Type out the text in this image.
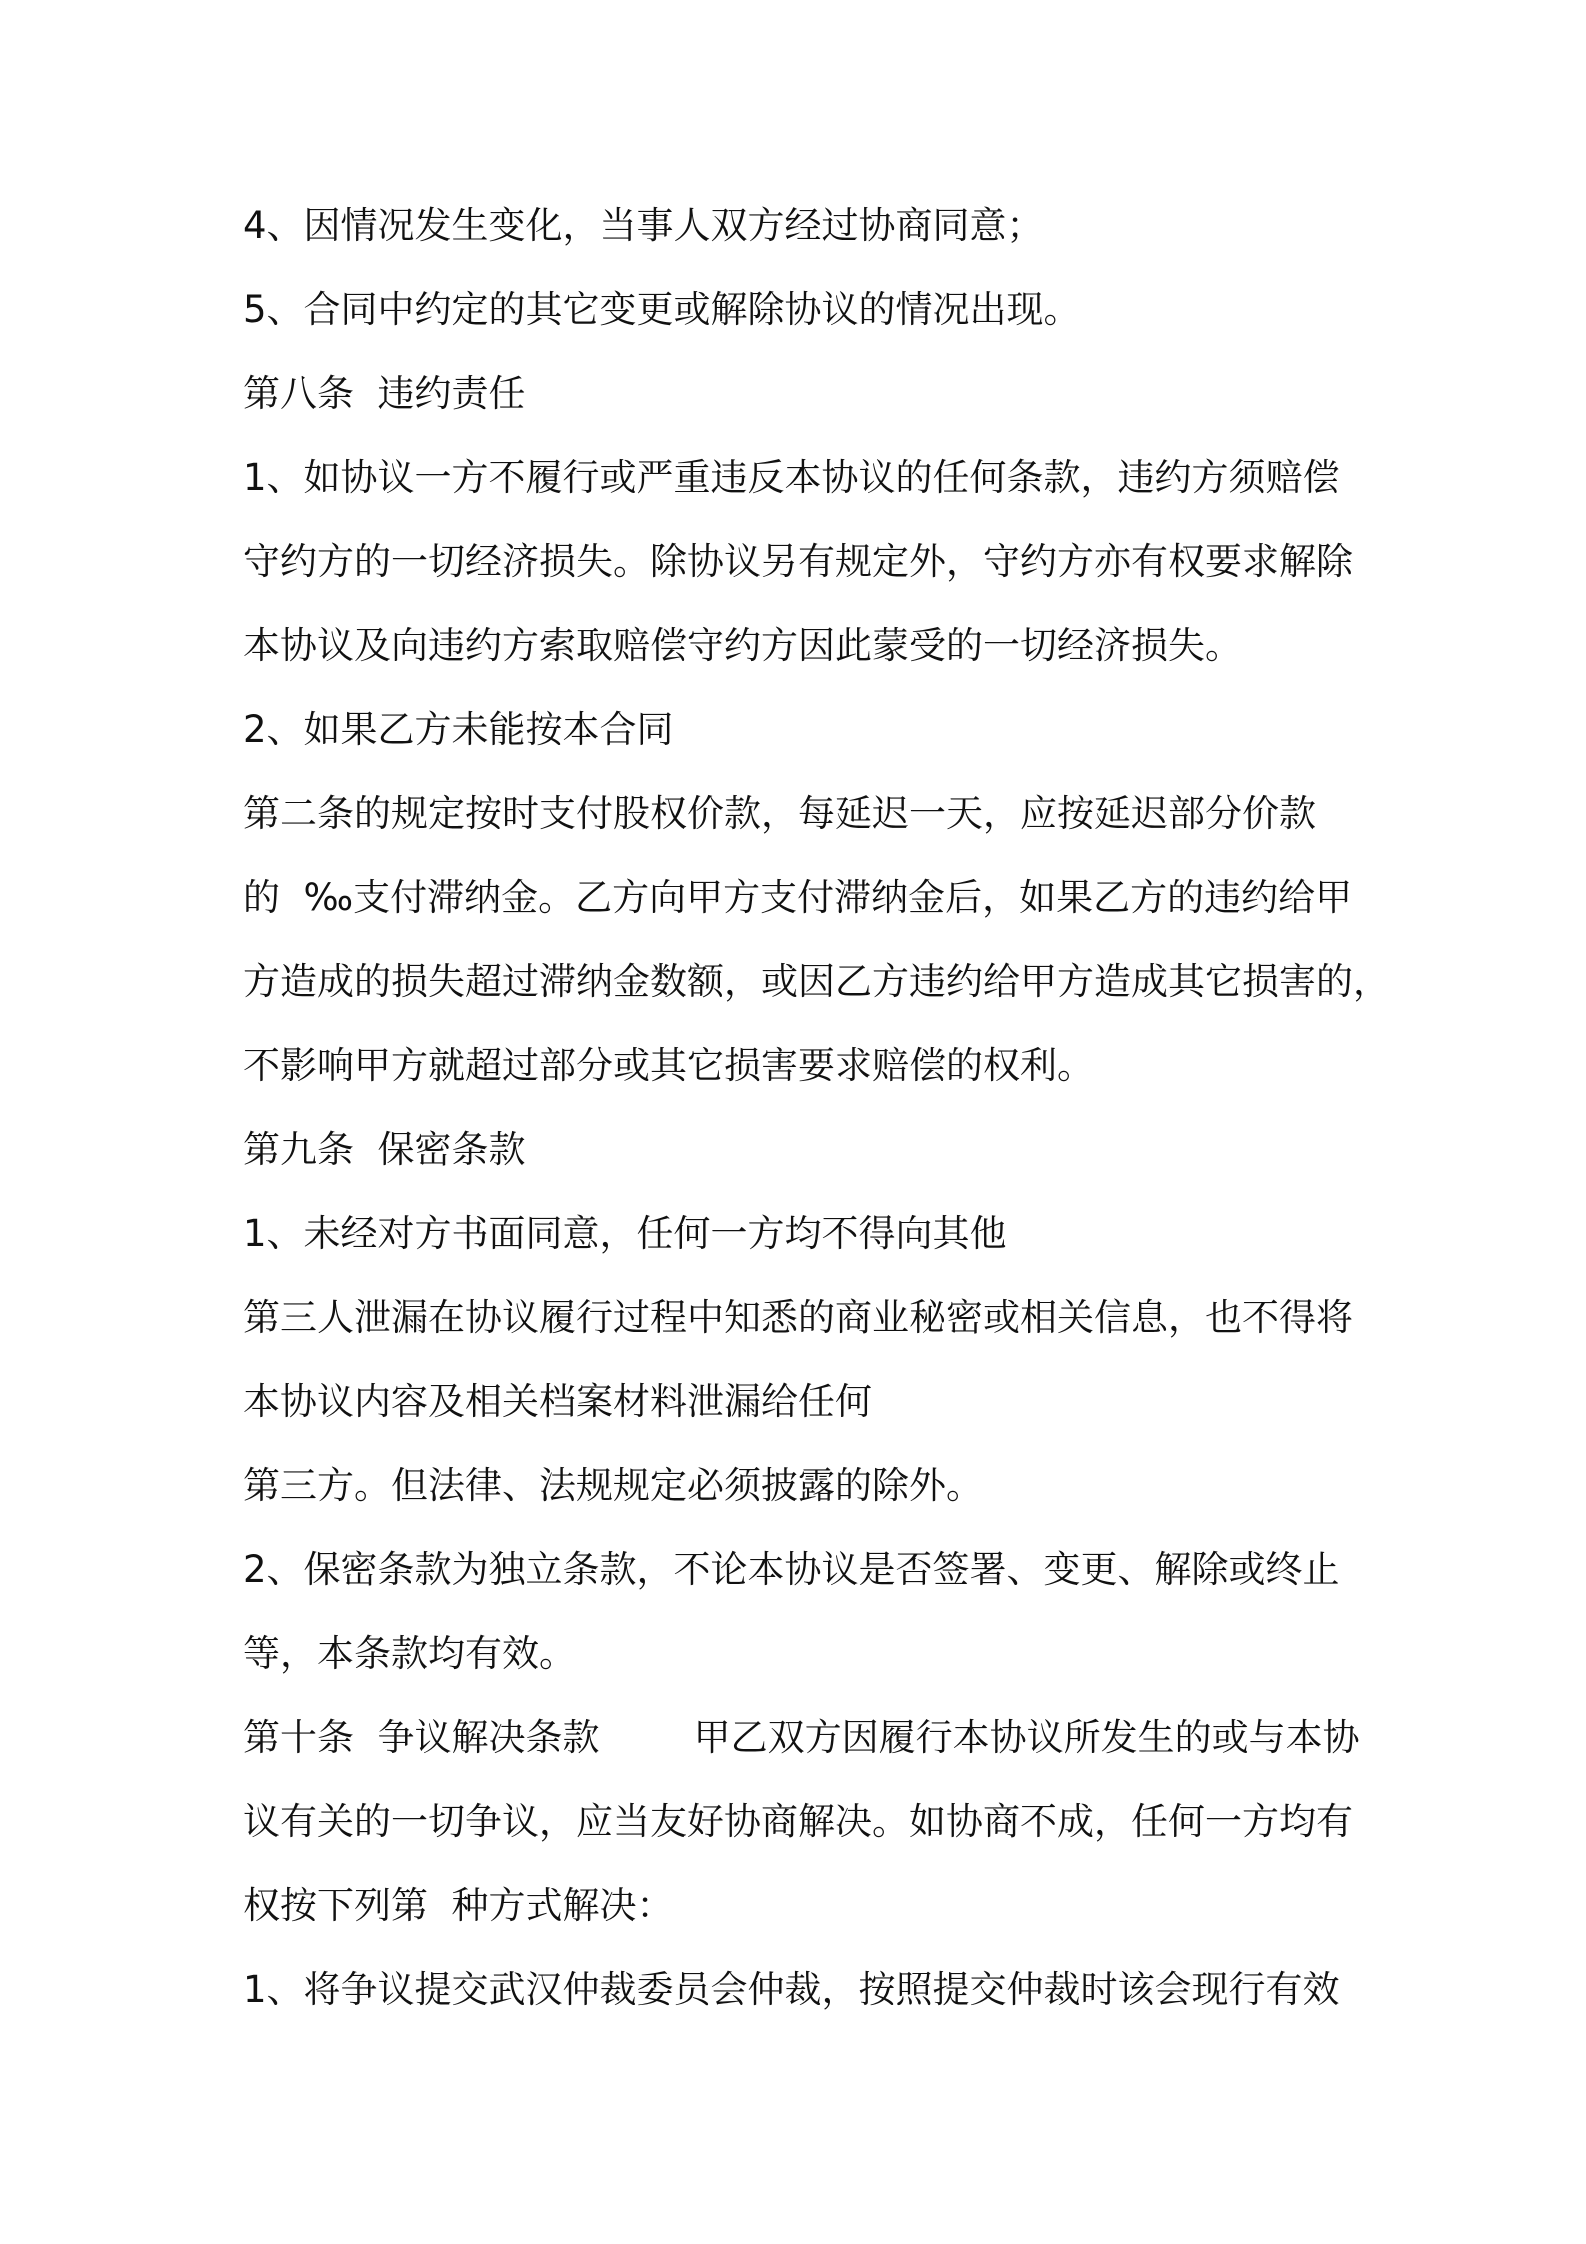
4、因情况发生变化，当事人双方经过协商同意；

5、合同中约定的其它变更或解除协议的情况出现。

第八条  违约责任

1、如协议一方不履行或严重违反本协议的任何条款，违约方须赔偿

守约方的一切经济损失。除协议另有规定外，守约方亦有权要求解除

本协议及向违约方索取赔偿守约方因此蒙受的一切经济损失。

2、如果乙方未能按本合同

第二条的规定按时支付股权价款，每延迟一天，应按延迟部分价款

的  ‰支付滞纳金。乙方向甲方支付滞纳金后，如果乙方的违约给甲

方造成的损失超过滞纳金数额，或因乙方违约给甲方造成其它损害的，

不影响甲方就超过部分或其它损害要求赔偿的权利。

第九条  保密条款

1、未经对方书面同意，任何一方均不得向其他

第三人泄漏在协议履行过程中知悉的商业秘密或相关信息，也不得将

本协议内容及相关档案材料泄漏给任何

第三方。但法律、法规规定必须披露的除外。

2、保密条款为独立条款，不论本协议是否签署、变更、解除或终止

等，本条款均有效。

第十条  争议解决条款        甲乙双方因履行本协议所发生的或与本协

议有关的一切争议，应当友好协商解决。如协商不成，任何一方均有

权按下列第  种方式解决：

1、将争议提交武汉仲裁委员会仲裁，按照提交仲裁时该会现行有效
